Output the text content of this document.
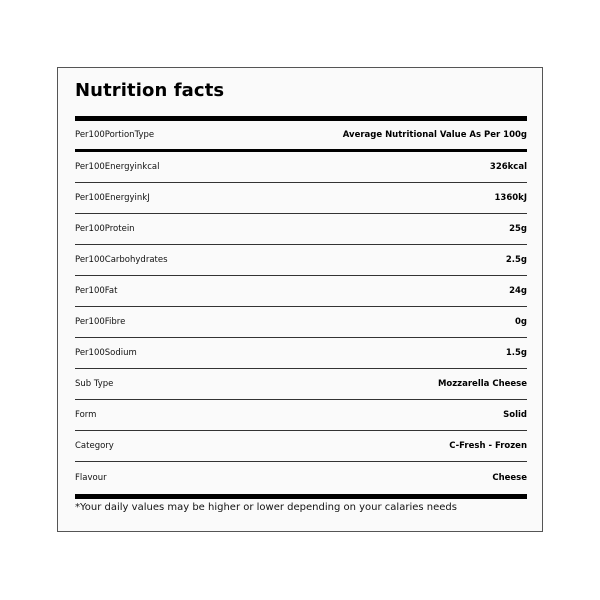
Nutrition facts
Per100PortionType	Average Nutritional Value As Per 100g
Per100Energyinkcal	326kcal
Per100EnergyinkJ	1360kJ
Per100Protein	25g
Per100Carbohydrates	2.5g
Per100Fat	24g
Per100Fibre	0g
Per100Sodium	1.5g
Sub Type	Mozzarella Cheese
Form	Solid
Category	C-Fresh - Frozen
Flavour	Cheese
*Your daily values may be higher or lower depending on your calaries needs
